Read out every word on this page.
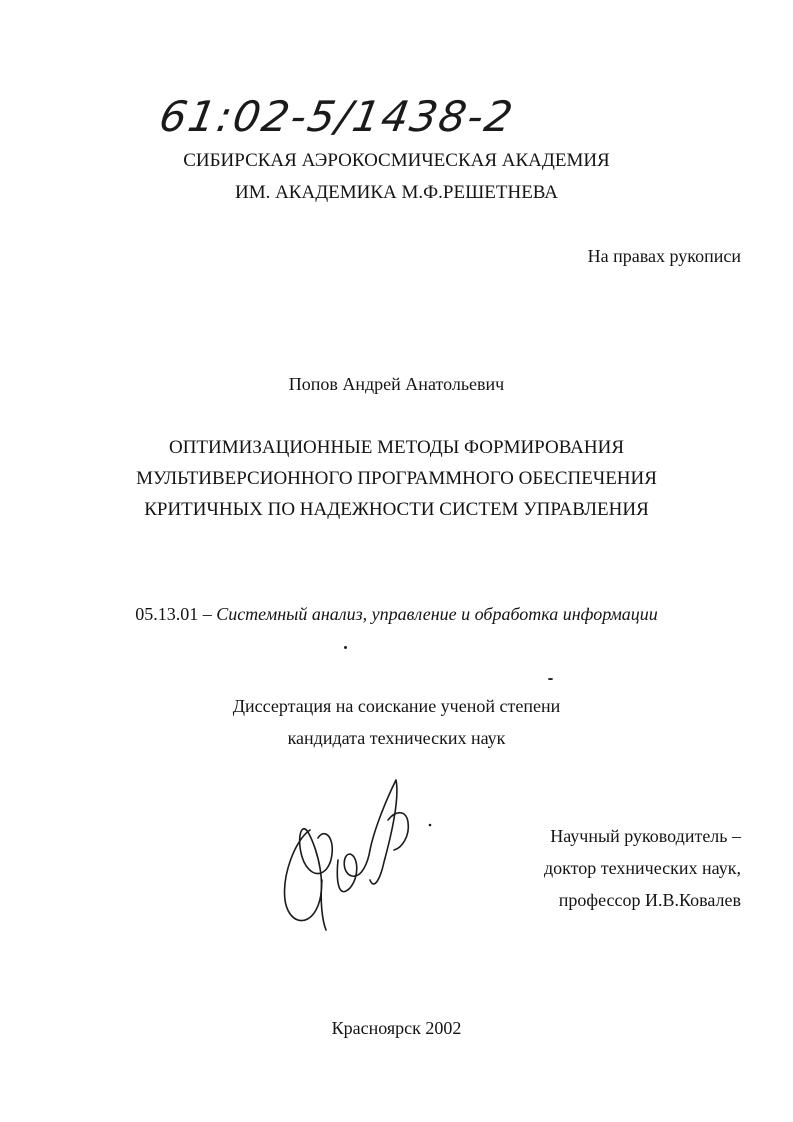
61:02-5/1438-2
СИБИРСКАЯ АЭРОКОСМИЧЕСКАЯ АКАДЕМИЯ
ИМ. АКАДЕМИКА М.Ф.РЕШЕТНЕВА
На правах рукописи
Попов Андрей Анатольевич
ОПТИМИЗАЦИОННЫЕ МЕТОДЫ ФОРМИРОВАНИЯ
МУЛЬТИВЕРСИОННОГО ПРОГРАММНОГО ОБЕСПЕЧЕНИЯ
КРИТИЧНЫХ ПО НАДЕЖНОСТИ СИСТЕМ УПРАВЛЕНИЯ
05.13.01 – Системный анализ, управление и обработка информации
Диссертация на соискание ученой степени
кандидата технических наук
Научный руководитель –
доктор технических наук,
профессор И.В.Ковалев
Красноярск 2002
